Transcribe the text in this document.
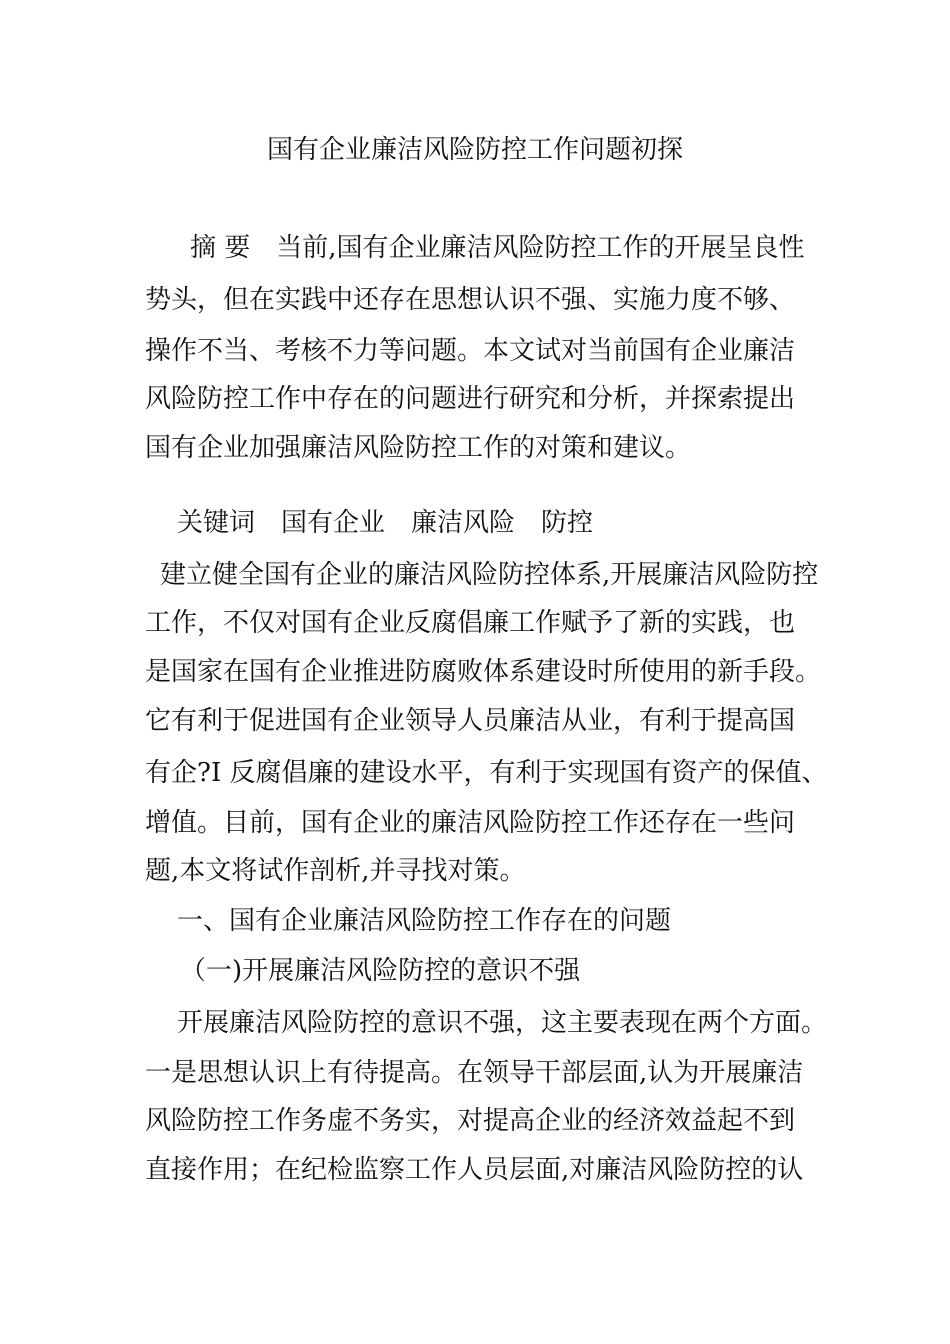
国有企业廉洁风险防控工作问题初探
摘 要　当前,国有企业廉洁风险防控工作的开展呈良性
势头，但在实践中还存在思想认识不强、实施力度不够、
操作不当、考核不力等问题。本文试对当前国有企业廉洁
风险防控工作中存在的问题进行研究和分析，并探索提出
国有企业加强廉洁风险防控工作的对策和建议。
关键词　国有企业　廉洁风险　防控
建立健全国有企业的廉洁风险防控体系,开展廉洁风险防控
工作，不仅对国有企业反腐倡廉工作赋予了新的实践，也
是国家在国有企业推进防腐败体系建设时所使用的新手段。
它有利于促进国有企业领导人员廉洁从业，有利于提高国
有企?I 反腐倡廉的建设水平，有利于实现国有资产的保值、
增值。目前，国有企业的廉洁风险防控工作还存在一些问
题,本文将试作剖析,并寻找对策。
一、国有企业廉洁风险防控工作存在的问题
（一)开展廉洁风险防控的意识不强
开展廉洁风险防控的意识不强，这主要表现在两个方面。
一是思想认识上有待提高。在领导干部层面,认为开展廉洁
风险防控工作务虚不务实，对提高企业的经济效益起不到
直接作用；在纪检监察工作人员层面,对廉洁风险防控的认
